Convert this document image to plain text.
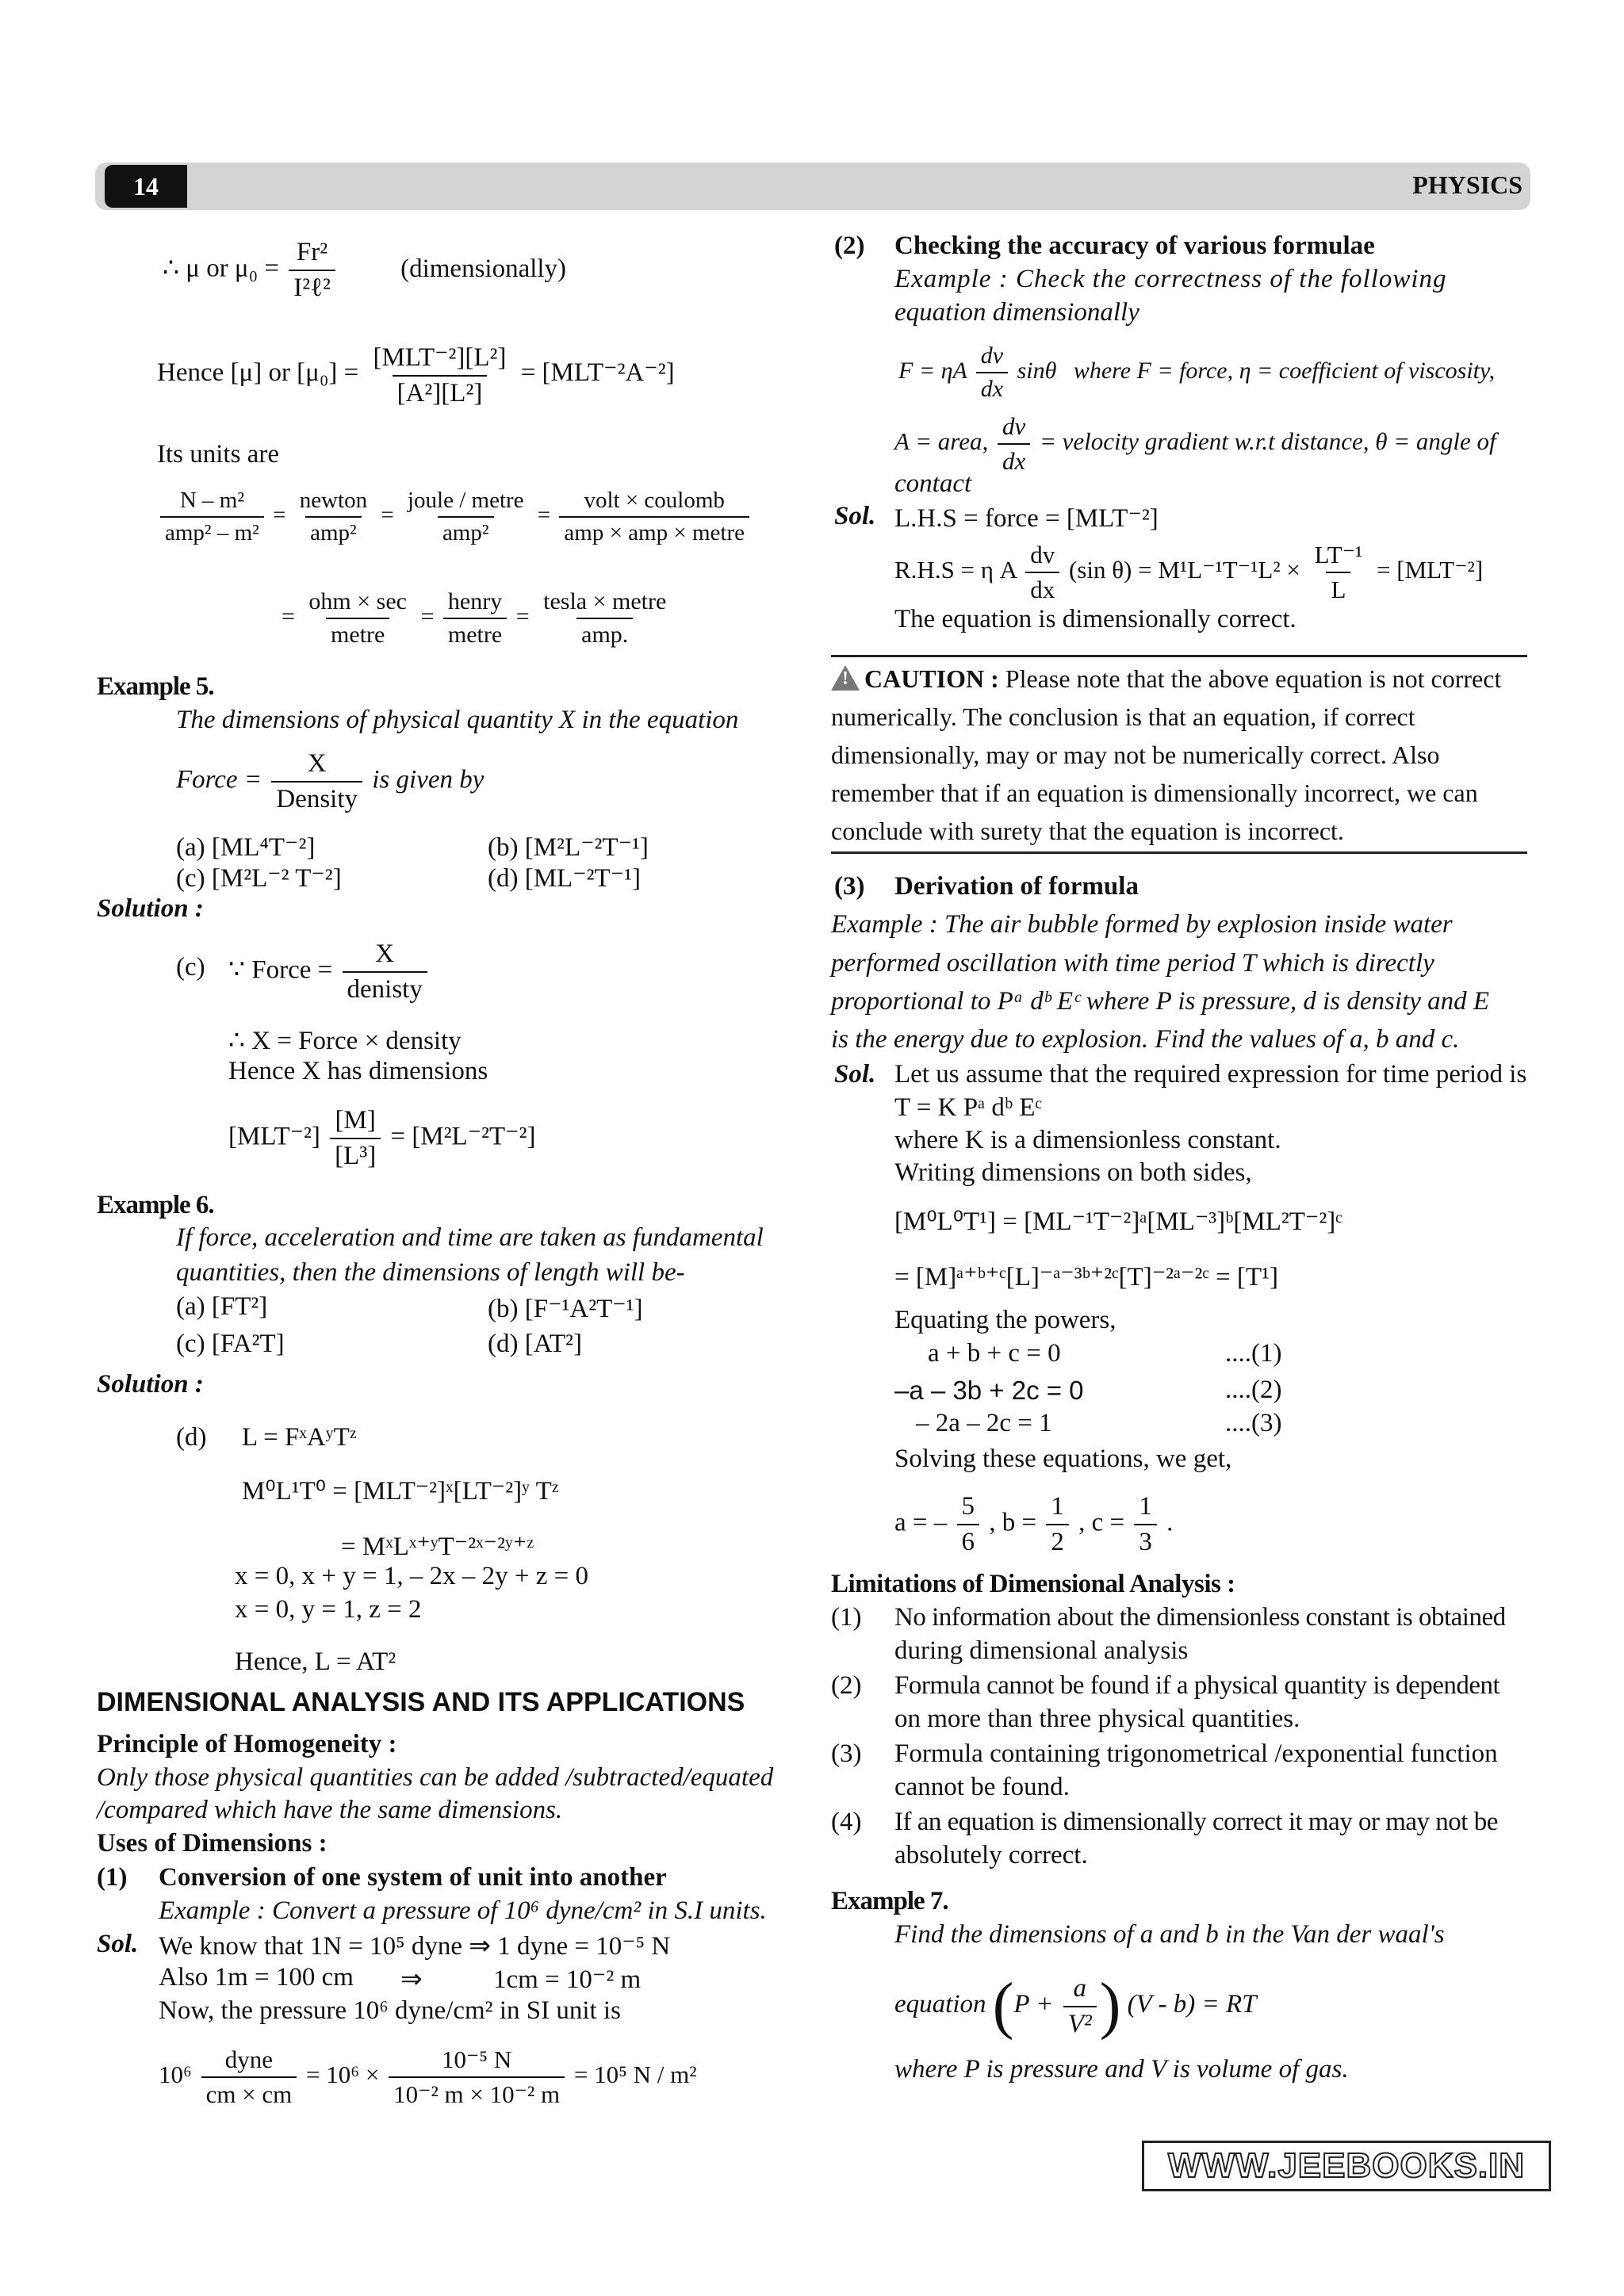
14	PHYSICS
∴ μ or $\mu_0 = \frac{\text{Fr²}}{\text{I²ℓ²}}$ (dimensionally)
Hence [μ] or $[\mu_0] = \frac{\text{[MLT⁻²][L²]}}{\text{[A²][L²]}} = [MLT^{-2}A^{-2}]$
Its units are
$\frac{\text{N – m²}}{\text{amp² – m²}} = \frac{\text{newton}}{\text{amp²}} = \frac{\text{joule / metre}}{\text{amp²}} = \frac{\text{volt × coulomb}}{\text{amp × amp × metre}}$
= $\frac{\text{ohm × sec}}{\text{metre}} = \frac{\text{henry}}{\text{metre}} = \frac{\text{tesla × metre}}{\text{amp.}}$
Example 5.
The dimensions of physical quantity X in the equation
Force = $\frac{X}{\text{Density}}$ is given by
(a) [ML⁴T⁻²]	(b) [M²L⁻²T⁻¹]
(c) [M²L⁻² T⁻²]	(d) [ML⁻²T⁻¹]
Solution :
(c) ∵ Force = $\frac{X}{\text{denisty}}$
∴ X = Force × density
Hence X has dimensions
$[MLT^{-2}] \frac{[M]}{\text{[L³]}} = [M^2L^{-2}T^{-2}]$
Example 6.
If force, acceleration and time are taken as fundamental
quantities, then the dimensions of length will be-
(a) [FT²]	(b) [F⁻¹A²T⁻¹]
(c) [FA²T]	(d) [AT²]
Solution :
(d) L = FˣAʸTᶻ
M⁰L¹T⁰ = [MLT⁻²]ˣ[LT⁻²]ʸ Tᶻ
= MˣLˣ⁺ʸT⁻²ˣ⁻²ʸ⁺ᶻ
x = 0, x + y = 1, – 2x – 2y + z = 0
x = 0, y = 1, z = 2
Hence, L = AT²
DIMENSIONAL ANALYSIS AND ITS APPLICATIONS
Principle of Homogeneity :
Only those physical quantities can be added /subtracted/equated
/compared which have the same dimensions.
Uses of Dimensions :
(1) Conversion of one system of unit into another
Example : Convert a pressure of 10⁶ dyne/cm² in S.I units.
Sol. We know that 1N = 10⁵ dyne ⇒ 1 dyne = 10⁻⁵ N
Also 1m = 100 cm ⇒	1cm = 10⁻² m
Now, the pressure 10⁶ dyne/cm² in SI unit is
$10^6 \frac{\text{dyne}}{cm \times cm} = 10^6 \times \frac{\text{10⁻⁵ N}}{\text{10⁻² m × 10⁻² m}} = 10^5$ N / m²
(2) Checking the accuracy of various formulae
Example : Check the correctness of the following
equation dimensionally
F = ηA $\frac{dv}{dx}$ sinθ where F = force, η = coefficient of viscosity,
A = area, $\frac{dv}{dx}$ = velocity gradient w.r.t distance, θ = angle of
contact
Sol. L.H.S = force = [MLT⁻²]
R.H.S = η A $\frac{dv}{dx} (\sin$ $\theta) = M^1L^{-1}T^{-1}L^2 \times \frac{\text{LT⁻¹}}{L} = [MLT^{-2}]$
The equation is dimensionally correct.
!CAUTION : Please note that the above equation is not correct
numerically. The conclusion is that an equation, if correct
dimensionally, may or may not be numerically correct. Also
remember that if an equation is dimensionally incorrect, we can
conclude with surety that the equation is incorrect.
(3) Derivation of formula
Example : The air bubble formed by explosion inside water
performed oscillation with time period T which is directly
proportional to Pᵃ dᵇ Eᶜ where P is pressure, d is density and E
is the energy due to explosion. Find the values of a, b and c.
Sol. Let us assume that the required expression for time period is
T = K Pᵃ dᵇ Eᶜ
where K is a dimensionless constant.
Writing dimensions on both sides,
[M⁰L⁰T¹] = [ML⁻¹T⁻²]ᵃ[ML⁻³]ᵇ[ML²T⁻²]ᶜ
= [M]ᵃ⁺ᵇ⁺ᶜ[L]⁻ᵃ⁻³ᵇ⁺²ᶜ[T]⁻²ᵃ⁻²ᶜ = [T¹]
Equating the powers,
a + b + c = 0	....(1)
–a – 3b + 2c = 0	....(2)
– 2a – 2c = 1	....(3)
Solving these equations, we get,
a = – $\frac{5}{6}$ , $b = \frac{1}{2}$ , $c = \frac{1}{3}$ .
Limitations of Dimensional Analysis :
(1) No information about the dimensionless constant is obtained
during dimensional analysis
(2) Formula cannot be found if a physical quantity is dependent
on more than three physical quantities.
(3) Formula containing trigonometrical /exponential function
cannot be found.
(4) If an equation is dimensionally correct it may or may not be
absolutely correct.
Example 7.
Find the dimensions of a and b in the Van der waal's
equation ($P + \frac{a}{\text{V²}}$ ) (V - b) = RT
where P is pressure and V is volume of gas.
WWW.JEEBOOKS.IN
